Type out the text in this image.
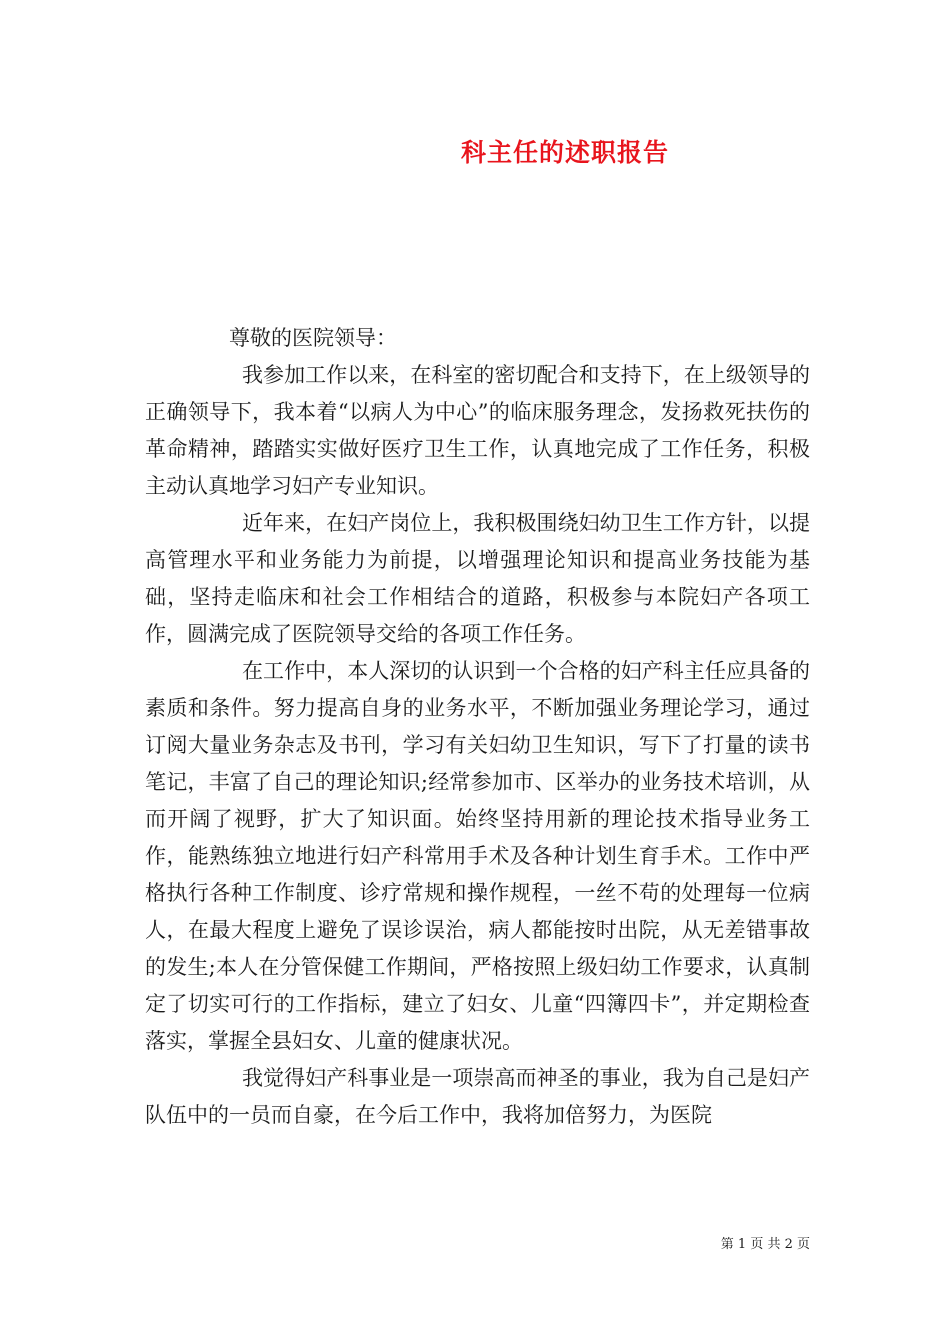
科主任的述职报告

尊敬的医院领导：

我参加工作以来，在科室的密切配合和支持下，在上级领导的正确领导下，我本着“以病人为中心”的临床服务理念，发扬救死扶伤的革命精神，踏踏实实做好医疗卫生工作，认真地完成了工作任务，积极主动认真地学习妇产专业知识。

近年来，在妇产岗位上，我积极围绕妇幼卫生工作方针，以提高管理水平和业务能力为前提，以增强理论知识和提高业务技能为基础，坚持走临床和社会工作相结合的道路，积极参与本院妇产各项工作，圆满完成了医院领导交给的各项工作任务。

在工作中，本人深切的认识到一个合格的妇产科主任应具备的素质和条件。努力提高自身的业务水平，不断加强业务理论学习，通过订阅大量业务杂志及书刊，学习有关妇幼卫生知识，写下了打量的读书笔记，丰富了自己的理论知识;经常参加市、区举办的业务技术培训，从而开阔了视野，扩大了知识面。始终坚持用新的理论技术指导业务工作，能熟练独立地进行妇产科常用手术及各种计划生育手术。工作中严格执行各种工作制度、诊疗常规和操作规程，一丝不苟的处理每一位病人，在最大程度上避免了误诊误治，病人都能按时出院，从无差错事故的发生;本人在分管保健工作期间，严格按照上级妇幼工作要求，认真制定了切实可行的工作指标，建立了妇女、儿童“四簿四卡”，并定期检查落实，掌握全县妇女、儿童的健康状况。

我觉得妇产科事业是一项崇高而神圣的事业，我为自己是妇产队伍中的一员而自豪，在今后工作中，我将加倍努力，为医院

第 1 页 共 2 页
